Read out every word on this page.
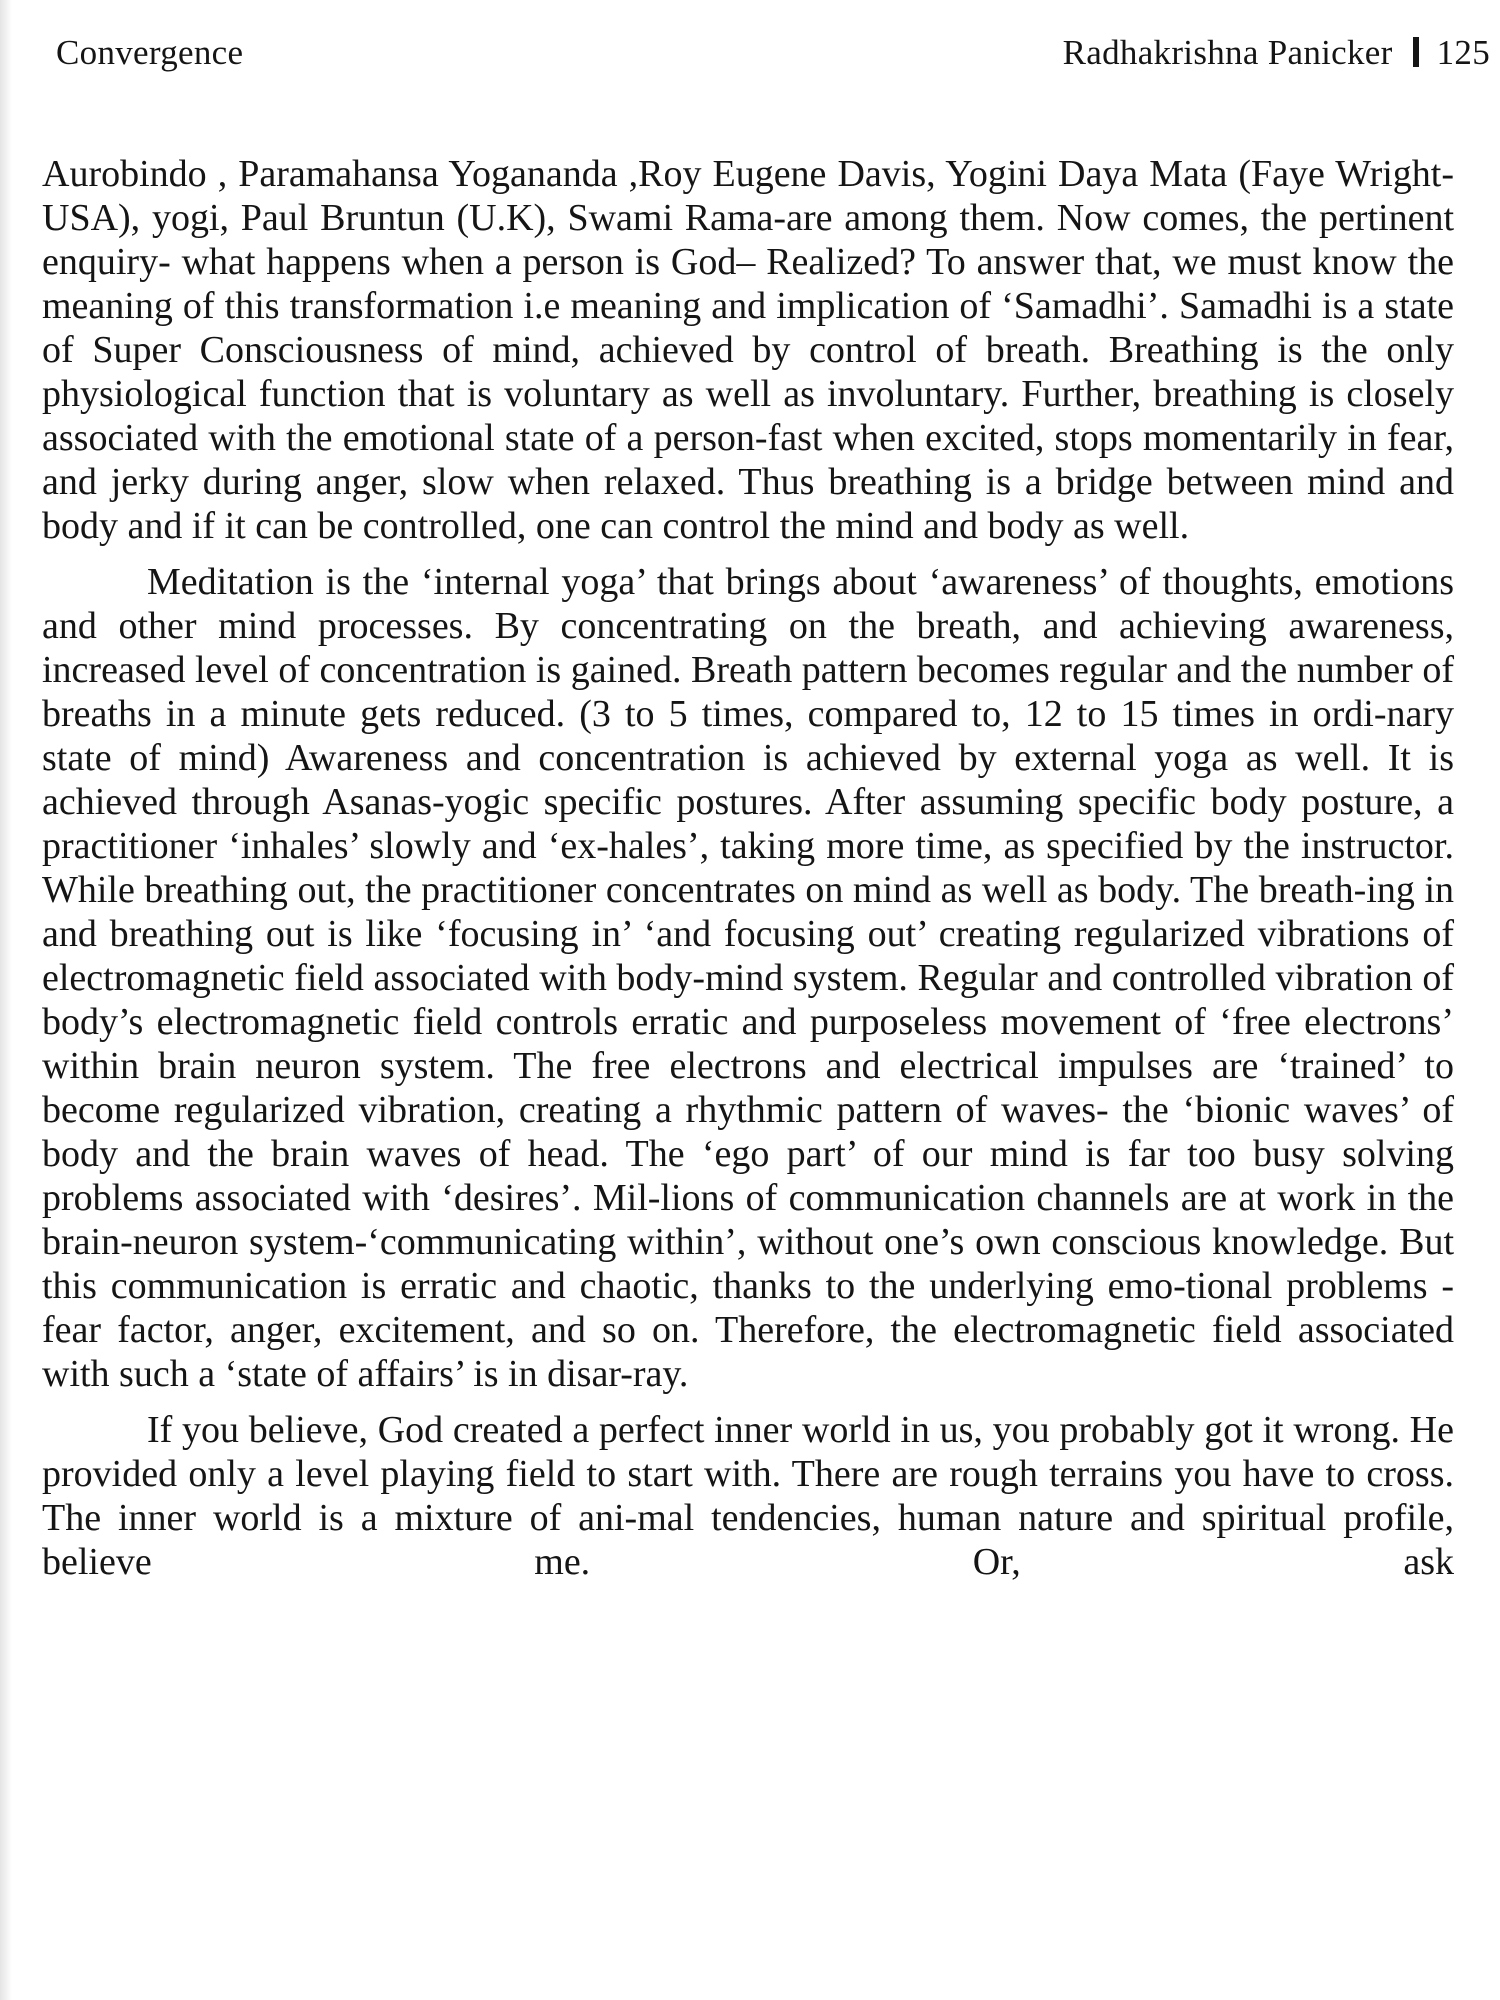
Convergence	Radhakrishna Panicker 125

Aurobindo , Paramahansa Yogananda ,Roy Eugene Davis, Yogini Daya Mata (Faye Wright-USA), yogi, Paul Bruntun (U.K), Swami Rama-are among them. Now comes, the pertinent enquiry- what happens when a person is God– Realized? To answer that, we must know the meaning of this transformation i.e meaning and implication of ‘Samadhi’. Samadhi is a state of Super Consciousness of mind, achieved by control of breath. Breathing is the only physiological function that is voluntary as well as involuntary. Further, breathing is closely associated with the emotional state of a person-fast when excited, stops momentarily in fear, and jerky during anger, slow when relaxed. Thus breathing is a bridge between mind and body and if it can be controlled, one can control the mind and body as well.

Meditation is the ‘internal yoga’ that brings about ‘awareness’ of thoughts, emotions and other mind processes. By concentrating on the breath, and achieving awareness, increased level of concentration is gained. Breath pattern becomes regular and the number of breaths in a minute gets reduced. (3 to 5 times, compared to, 12 to 15 times in ordi-​nary state of mind) Awareness and concentration is achieved by external yoga as well. It is achieved through Asanas-yogic specific postures. After assuming specific body posture, a practitioner ‘inhales’ slowly and ‘ex-​hales’, taking more time, as specified by the instructor. While breathing out, the practitioner concentrates on mind as well as body. The breath-​ing in and breathing out is like ‘focusing in’ ‘and focusing out’ creating regularized vibrations of electromagnetic field associated with body-mind system. Regular and controlled vibration of body’s electromagnetic field controls erratic and purposeless movement of ‘free electrons’ within brain neuron system. The free electrons and electrical impulses are ‘trained’ to become regularized vibration, creating a rhythmic pattern of waves- the ‘bionic waves’ of body and the brain waves of head. The ‘ego part’ of our mind is far too busy solving problems associated with ‘desires’. Mil-​lions of communication channels are at work in the brain-neuron system-​‘communicating within’, without one’s own conscious knowledge. But this communication is erratic and chaotic, thanks to the underlying emo-​tional problems - fear factor, anger, excitement, and so on. Therefore, the electromagnetic field associated with such a ‘state of affairs’ is in disar-​ray.

If you believe, God created a perfect inner world in us, you probably got it wrong. He provided only a level playing field to start with. There are rough terrains you have to cross. The inner world is a mixture of ani-​mal tendencies, human nature and spiritual profile, believe me. Or, ask
